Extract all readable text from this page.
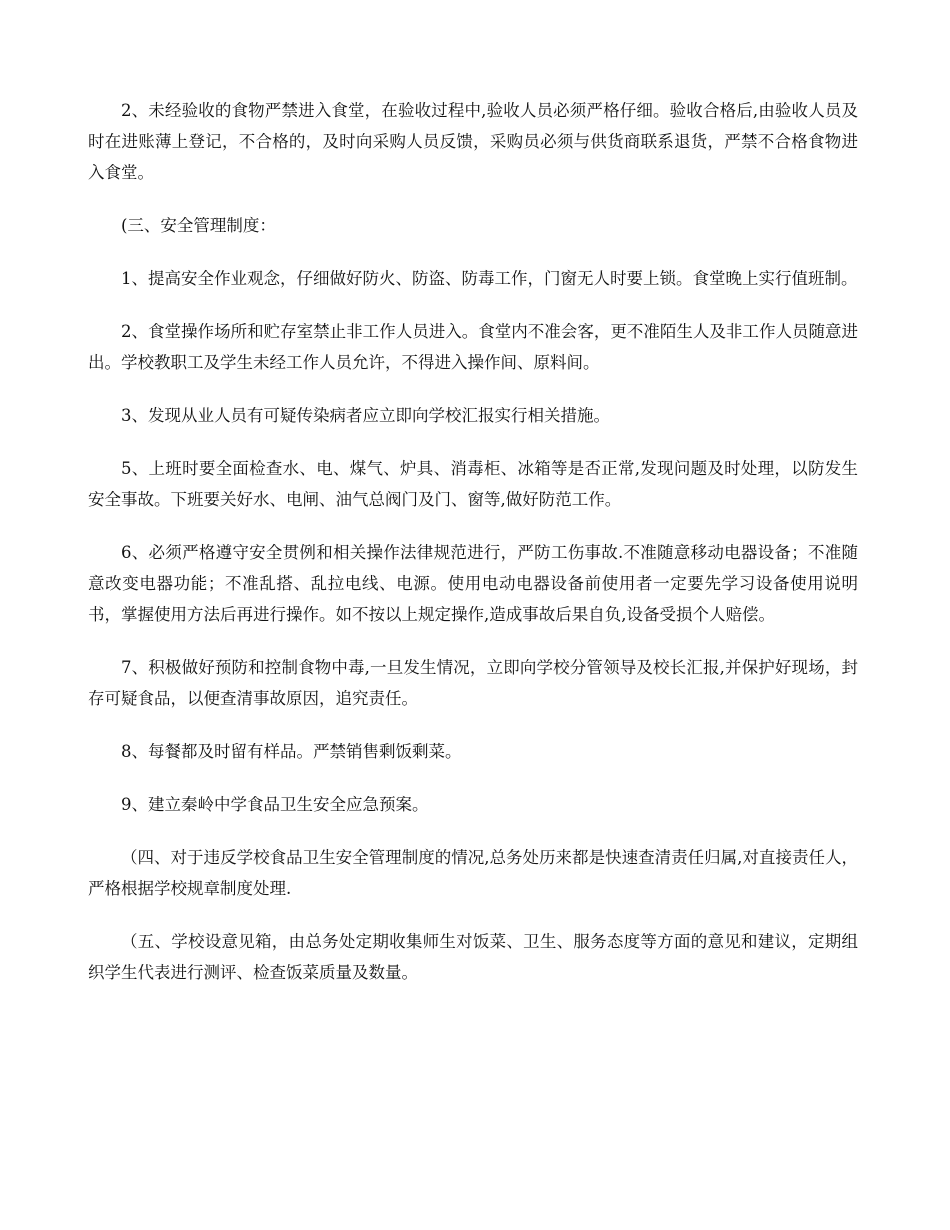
2、未经验收的食物严禁进入食堂，在验收过程中,验收人员必须严格仔细。验收合格后,由验收人员及时在进账薄上登记，不合格的，及时向采购人员反馈，采购员必须与供货商联系退货，严禁不合格食物进入食堂。

(三、安全管理制度：

1、提高安全作业观念，仔细做好防火、防盗、防毒工作，门窗无人时要上锁。食堂晚上实行值班制。

2、食堂操作场所和贮存室禁止非工作人员进入。食堂内不准会客，更不准陌生人及非工作人员随意进出。学校教职工及学生未经工作人员允许，不得进入操作间、原料间。

3、发现从业人员有可疑传染病者应立即向学校汇报实行相关措施。

5、上班时要全面检查水、电、煤气、炉具、消毒柜、冰箱等是否正常,发现问题及时处理，以防发生安全事故。下班要关好水、电闸、油气总阀门及门、窗等,做好防范工作。

6、必须严格遵守安全贯例和相关操作法律规范进行，严防工伤事故.不准随意移动电器设备；不准随意改变电器功能；不准乱搭、乱拉电线、电源。使用电动电器设备前使用者一定要先学习设备使用说明书，掌握使用方法后再进行操作。如不按以上规定操作,造成事故后果自负,设备受损个人赔偿。

7、积极做好预防和控制食物中毒,一旦发生情况，立即向学校分管领导及校长汇报,并保护好现场，封存可疑食品，以便查清事故原因，追究责任。

8、每餐都及时留有样品。严禁销售剩饭剩菜。

9、建立秦岭中学食品卫生安全应急预案。

（四、对于违反学校食品卫生安全管理制度的情况,总务处历来都是快速查清责任归属,对直接责任人，严格根据学校规章制度处理.

（五、学校设意见箱，由总务处定期收集师生对饭菜、卫生、服务态度等方面的意见和建议，定期组织学生代表进行测评、检查饭菜质量及数量。
